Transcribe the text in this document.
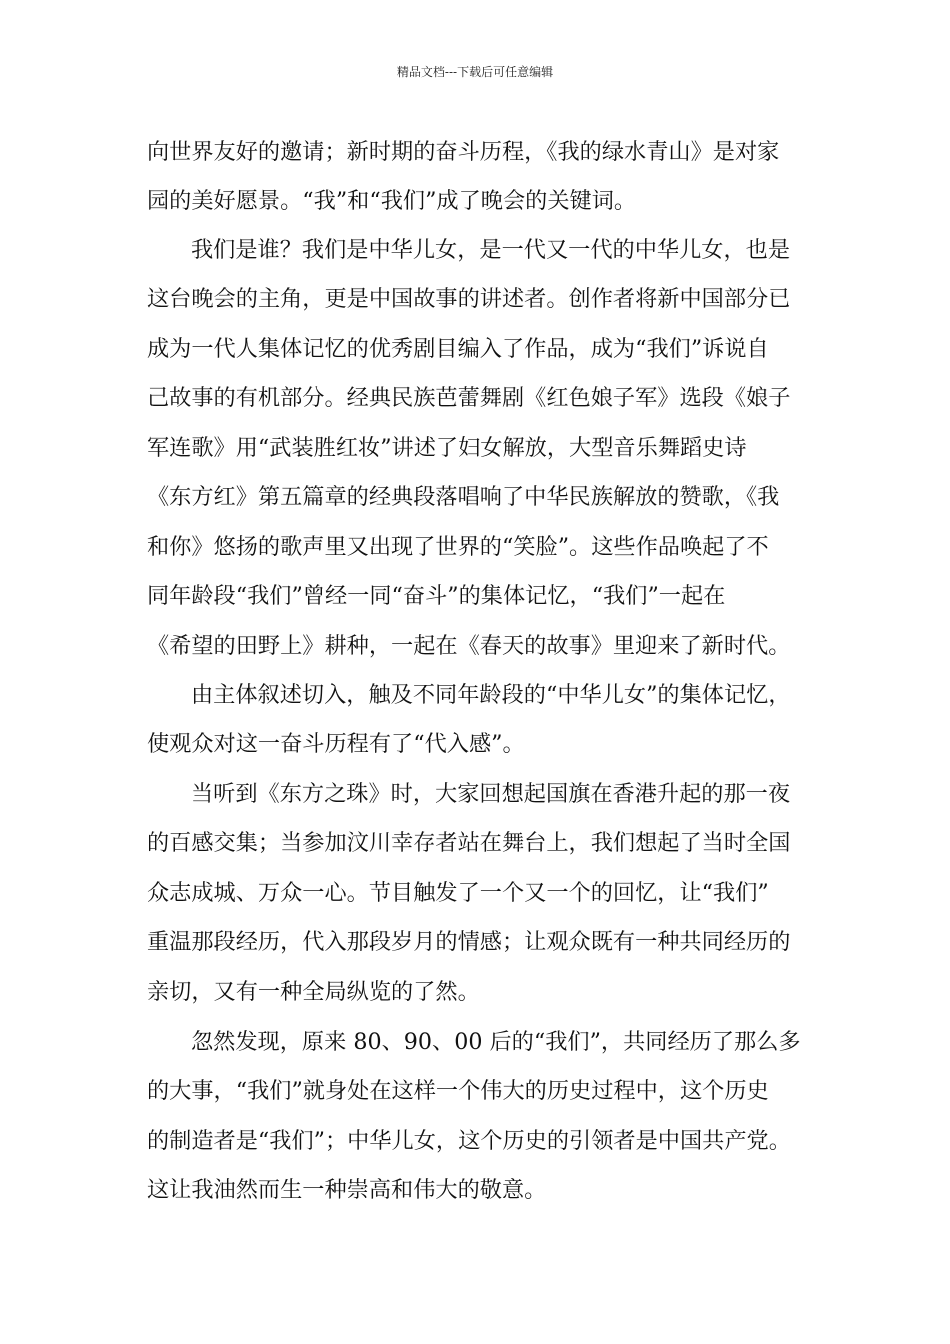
精品文档---下载后可任意编辑
向世界友好的邀请；新时期的奋斗历程，《我的绿水青山》是对家
园的美好愿景。“我”和“我们”成了晚会的关键词。
我们是谁？我们是中华儿女，是一代又一代的中华儿女，也是
这台晚会的主角，更是中国故事的讲述者。创作者将新中国部分已
成为一代人集体记忆的优秀剧目编入了作品，成为“我们”诉说自
己故事的有机部分。经典民族芭蕾舞剧《红色娘子军》选段《娘子
军连歌》用“武装胜红妆”讲述了妇女解放，大型音乐舞蹈史诗
《东方红》第五篇章的经典段落唱响了中华民族解放的赞歌，《我
和你》悠扬的歌声里又出现了世界的“笑脸”。这些作品唤起了不
同年龄段“我们”曾经一同“奋斗”的集体记忆，“我们”一起在
《希望的田野上》耕种，一起在《春天的故事》里迎来了新时代。
由主体叙述切入，触及不同年龄段的“中华儿女”的集体记忆，
使观众对这一奋斗历程有了“代入感”。
当听到《东方之珠》时，大家回想起国旗在香港升起的那一夜
的百感交集；当参加汶川幸存者站在舞台上，我们想起了当时全国
众志成城、万众一心。节目触发了一个又一个的回忆，让“我们”
重温那段经历，代入那段岁月的情感；让观众既有一种共同经历的
亲切，又有一种全局纵览的了然。
忽然发现，原来 80、90、00 后的“我们”，共同经历了那么多
的大事，“我们”就身处在这样一个伟大的历史过程中，这个历史
的制造者是“我们”；中华儿女，这个历史的引领者是中国共产党。
这让我油然而生一种崇高和伟大的敬意。
